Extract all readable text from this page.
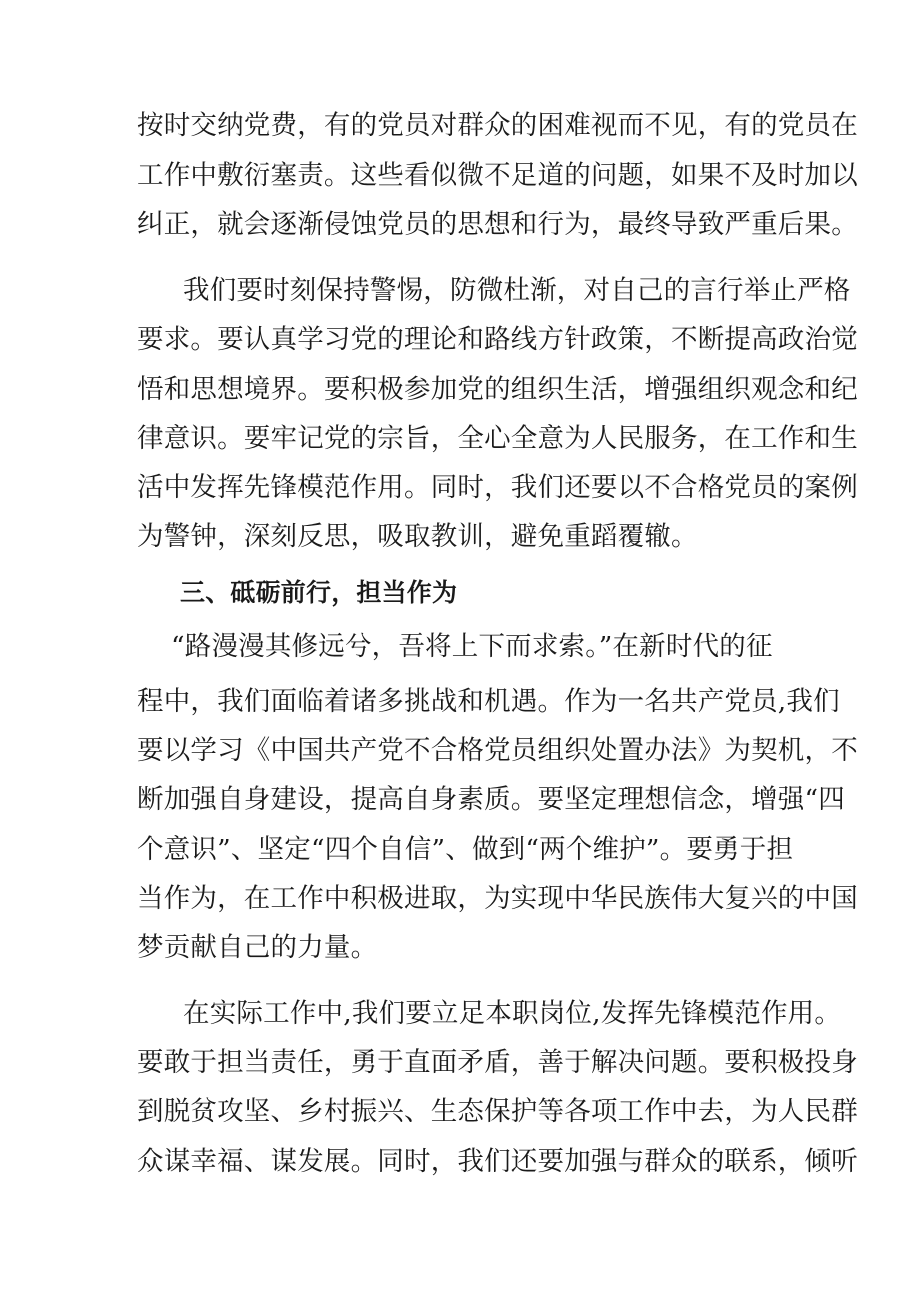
按时交纳党费，有的党员对群众的困难视而不见，有的党员在
工作中敷衍塞责。这些看似微不足道的问题，如果不及时加以
纠正，就会逐渐侵蚀党员的思想和行为，最终导致严重后果。
我们要时刻保持警惕，防微杜渐，对自己的言行举止严格
要求。要认真学习党的理论和路线方针政策，不断提高政治觉
悟和思想境界。要积极参加党的组织生活，增强组织观念和纪
律意识。要牢记党的宗旨，全心全意为人民服务，在工作和生
活中发挥先锋模范作用。同时，我们还要以不合格党员的案例
为警钟，深刻反思，吸取教训，避免重蹈覆辙。
三、砥砺前行，担当作为
“路漫漫其修远兮，吾将上下而求索。”在新时代的征
程中，我们面临着诸多挑战和机遇。作为一名共产党员,我们
要以学习《中国共产党不合格党员组织处置办法》为契机，不
断加强自身建设，提高自身素质。要坚定理想信念，增强“四
个意识”、坚定“四个自信”、做到“两个维护”。要勇于担
当作为，在工作中积极进取，为实现中华民族伟大复兴的中国
梦贡献自己的力量。
在实际工作中,我们要立足本职岗位,发挥先锋模范作用。
要敢于担当责任，勇于直面矛盾，善于解决问题。要积极投身
到脱贫攻坚、乡村振兴、生态保护等各项工作中去，为人民群
众谋幸福、谋发展。同时，我们还要加强与群众的联系，倾听
